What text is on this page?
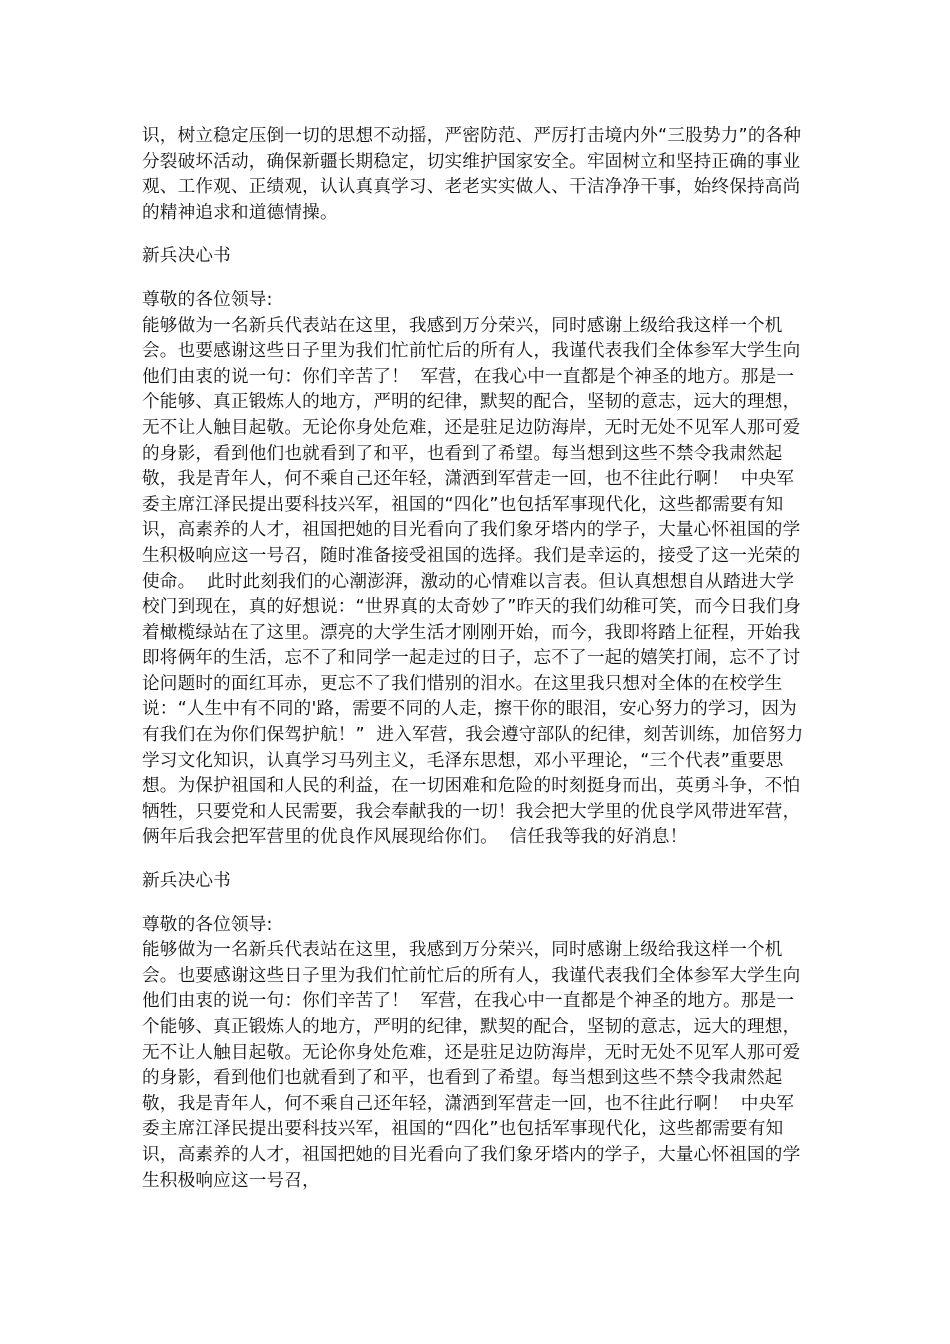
识，树立稳定压倒一切的思想不动摇，严密防范、严厉打击境内外“三股势力”的各种分裂破坏活动，确保新疆长期稳定，切实维护国家安全。牢固树立和坚持正确的事业观、工作观、正绩观，认认真真学习、老老实实做人、干洁净净干事，始终保持高尚的精神追求和道德情操。

新兵决心书

尊敬的各位领导:

能够做为一名新兵代表站在这里，我感到万分荣兴，同时感谢上级给我这样一个机会。也要感谢这些日子里为我们忙前忙后的所有人，我谨代表我们全体参军大学生向他们由衷的说一句：你们辛苦了！  军营，在我心中一直都是个神圣的地方。那是一个能够、真正锻炼人的地方，严明的纪律，默契的配合，坚韧的意志，远大的理想，无不让人触目起敬。无论你身处危难，还是驻足边防海岸，无时无处不见军人那可爱的身影，看到他们也就看到了和平，也看到了希望。每当想到这些不禁令我肃然起敬，我是青年人，何不乘自己还年轻，潇洒到军营走一回，也不往此行啊！  中央军委主席江泽民提出要科技兴军，祖国的“四化”也包括军事现代化，这些都需要有知识，高素养的人才，祖国把她的目光看向了我们象牙塔内的学子，大量心怀祖国的学生积极响应这一号召，随时准备接受祖国的选择。我们是幸运的，接受了这一光荣的使命。  此时此刻我们的心潮澎湃，激动的心情难以言表。但认真想想自从踏进大学校门到现在，真的好想说：“世界真的太奇妙了”昨天的我们幼稚可笑，而今日我们身着橄榄绿站在了这里。漂亮的大学生活才刚刚开始，而今，我即将踏上征程，开始我即将俩年的生活，忘不了和同学一起走过的日子，忘不了一起的嬉笑打闹，忘不了讨论问题时的面红耳赤，更忘不了我们惜别的泪水。在这里我只想对全体的在校学生说：“人生中有不同的'路，需要不同的人走，擦干你的眼泪，安心努力的学习，因为有我们在为你们保驾护航！”  进入军营，我会遵守部队的纪律，刻苦训练，加倍努力学习文化知识，认真学习马列主义，毛泽东思想，邓小平理论，“三个代表”重要思想。为保护祖国和人民的利益，在一切困难和危险的时刻挺身而出，英勇斗争，不怕牺牲，只要党和人民需要，我会奉献我的一切！我会把大学里的优良学风带进军营，俩年后我会把军营里的优良作风展现给你们。  信任我等我的好消息！

新兵决心书

尊敬的各位领导:

能够做为一名新兵代表站在这里，我感到万分荣兴，同时感谢上级给我这样一个机会。也要感谢这些日子里为我们忙前忙后的所有人，我谨代表我们全体参军大学生向他们由衷的说一句：你们辛苦了！  军营，在我心中一直都是个神圣的地方。那是一个能够、真正锻炼人的地方，严明的纪律，默契的配合，坚韧的意志，远大的理想，无不让人触目起敬。无论你身处危难，还是驻足边防海岸，无时无处不见军人那可爱的身影，看到他们也就看到了和平，也看到了希望。每当想到这些不禁令我肃然起敬，我是青年人，何不乘自己还年轻，潇洒到军营走一回，也不往此行啊！  中央军委主席江泽民提出要科技兴军，祖国的“四化”也包括军事现代化，这些都需要有知识，高素养的人才，祖国把她的目光看向了我们象牙塔内的学子，大量心怀祖国的学生积极响应这一号召，
